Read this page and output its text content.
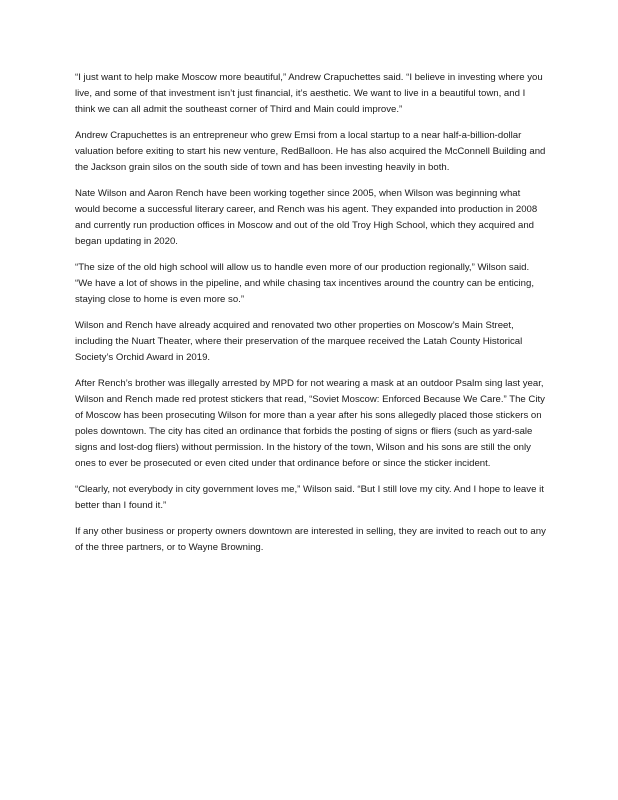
“I just want to help make Moscow more beautiful,” Andrew Crapuchettes said. “I believe in investing where you live, and some of that investment isn’t just financial, it’s aesthetic. We want to live in a beautiful town, and I think we can all admit the southeast corner of Third and Main could improve.”

Andrew Crapuchettes is an entrepreneur who grew Emsi from a local startup to a near half-a-billion-dollar valuation before exiting to start his new venture, RedBalloon. He has also acquired the McConnell Building and the Jackson grain silos on the south side of town and has been investing heavily in both.

Nate Wilson and Aaron Rench have been working together since 2005, when Wilson was beginning what would become a successful literary career, and Rench was his agent. They expanded into production in 2008 and currently run production offices in Moscow and out of the old Troy High School, which they acquired and began updating in 2020.

“The size of the old high school will allow us to handle even more of our production regionally,” Wilson said. “We have a lot of shows in the pipeline, and while chasing tax incentives around the country can be enticing, staying close to home is even more so.”

Wilson and Rench have already acquired and renovated two other properties on Moscow’s Main Street, including the Nuart Theater, where their preservation of the marquee received the Latah County Historical Society’s Orchid Award in 2019.

After Rench’s brother was illegally arrested by MPD for not wearing a mask at an outdoor Psalm sing last year, Wilson and Rench made red protest stickers that read, “Soviet Moscow: Enforced Because We Care.” The City of Moscow has been prosecuting Wilson for more than a year after his sons allegedly placed those stickers on poles downtown. The city has cited an ordinance that forbids the posting of signs or fliers (such as yard-sale signs and lost-dog fliers) without permission. In the history of the town, Wilson and his sons are still the only ones to ever be prosecuted or even cited under that ordinance before or since the sticker incident.

“Clearly, not everybody in city government loves me,” Wilson said. “But I still love my city. And I hope to leave it better than I found it.”

If any other business or property owners downtown are interested in selling, they are invited to reach out to any of the three partners, or to Wayne Browning.
